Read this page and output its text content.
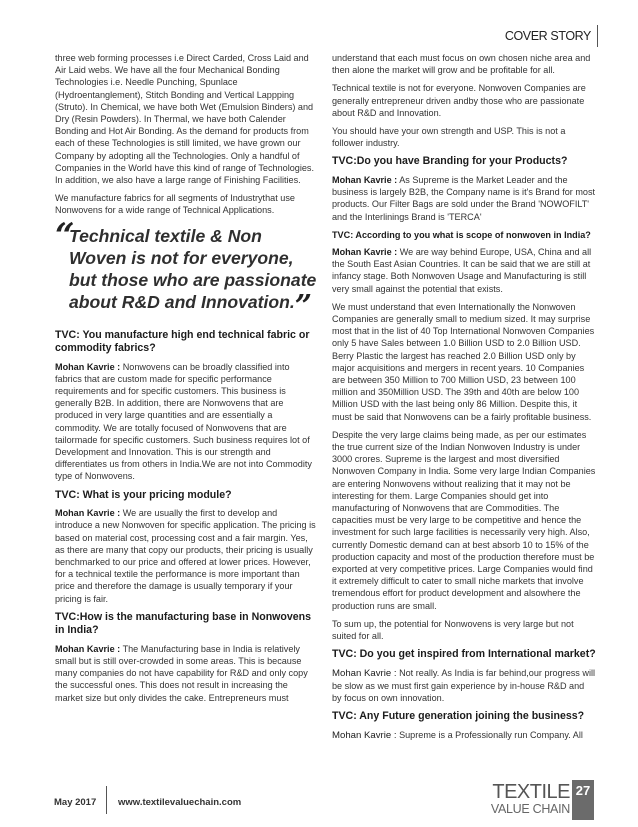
COVER STORY

three web forming processes i.e Direct Carded, Cross Laid and Air Laid webs. We have all the four Mechanical Bonding Technologies i.e. Needle Punching, Spunlace (Hydroentanglement), Stitch Bonding and Vertical Lappping (Struto). In Chemical, we have both Wet (Emulsion Binders) and Dry (Resin Powders). In Thermal, we have both Calender Bonding and Hot Air Bonding. As the demand for products from each of these Technologies is still limited, we have grown our Company by adopting all the Technologies. Only a handful of Companies in the World have this kind of range of Technologies. In addition, we also have a large range of Finishing Facilities.

We manufacture fabrics for all segments of Industrythat use Nonwovens for a wide range of Technical Applications.

“
Technical textile & Non Woven is not for everyone, but those who are passionate about R&D and Innovation.”
TVC: You manufacture high end technical fabric or commodity fabrics?

Mohan Kavrie : Nonwovens can be broadly classified into fabrics that are custom made for specific performance requirements and for specific customers. This business is generally B2B. In addition, there are Nonwovens that are produced in very large quantities and are essentially a commodity. We are totally focused of Nonwovens that are tailormade for specific customers. Such business requires lot of Development and Innovation. This is our strength and differentiates us from others in India.We are not into Commodity type of Nonwovens.

TVC: What is your pricing module?

Mohan Kavrie : We are usually the first to develop and introduce a new Nonwoven for specific application. The pricing is based on material cost, processing cost and a fair margin. Yes, as there are many that copy our products, their pricing is usually benchmarked to our price and offered at lower prices. However, for a technical textile the performance is more important than price and therefore the damage is usually temporary if your pricing is fair.

TVC:How is the manufacturing base in Nonwovens in India?

Mohan Kavrie : The Manufacturing base in India is relatively small but is still over-crowded in some areas. This is because many companies do not have capability for R&D and only copy the successful ones. This does not result in increasing the market size but only divides the cake. Entrepreneurs must

understand that each must focus on own chosen niche area and then alone the market will grow and be profitable for all.

Technical textile is not for everyone. Nonwoven Companies are generally entrepreneur driven andby those who are passionate about R&D and Innovation.

You should have your own strength and USP. This is not a follower industry.

TVC:Do you have Branding for your Products?

Mohan Kavrie : As Supreme is the Market Leader and the business is largely B2B, the Company name is it's Brand for most products. Our Filter Bags are sold under the Brand 'NOWOFILT' and the Interlinings Brand is 'TERCA'

TVC: According to you what is scope of nonwoven in India?

Mohan Kavrie : We are way behind Europe, USA, China and all the South East Asian Countries. It can be said that we are still at infancy stage. Both Nonwoven Usage and Manufacturing is still very small against the potential that exists.

We must understand that even Internationally the Nonwoven Companies are generally small to medium sized. It may surprise most that in the list of 40 Top International Nonwoven Companies only 5 have Sales between 1.0 Billion USD to 2.0 Billion USD. Berry Plastic the largest has reached 2.0 Billion USD only by major acquisitions and mergers in recent years. 10 Companies are between 350 Million to 700 Million USD, 23 between 100 million and 350Million USD. The 39th and 40th are below 100 Million USD with the last being only 86 Million. Despite this, it must be said that Nonwovens can be a fairly profitable business.

Despite the very large claims being made, as per our estimates the true current size of the Indian Nonwoven Industry is under 3000 crores. Supreme is the largest and most diversified Nonwoven Company in India. Some very large Indian Companies are entering Nonwovens without realizing that it may not be interesting for them. Large Companies should get into manufacturing of Nonwovens that are Commodities. The capacities must be very large to be competitive and hence the investment for such large facilities is necessarily very high. Also, currently Domestic demand can at best absorb 10 to 15% of the production capacity and most of the production therefore must be exported at very competitive prices. Large Companies would find it extremely difficult to cater to small niche markets that involve tremendous effort for product development and alsowhere the production runs are small.

To sum up, the potential for Nonwovens is very large but not suited for all.

TVC: Do you get inspired from International market?

Mohan Kavrie : Not really. As India is far behind,our progress will be slow as we must first gain experience by in-house R&D and by focus on own innovation.

TVC: Any Future generation joining the business?

Mohan Kavrie : Supreme is a Professionally run Company. All

May 2017 www.textilevaluechain.com	TEXTILE
VALUE CHAIN
27
